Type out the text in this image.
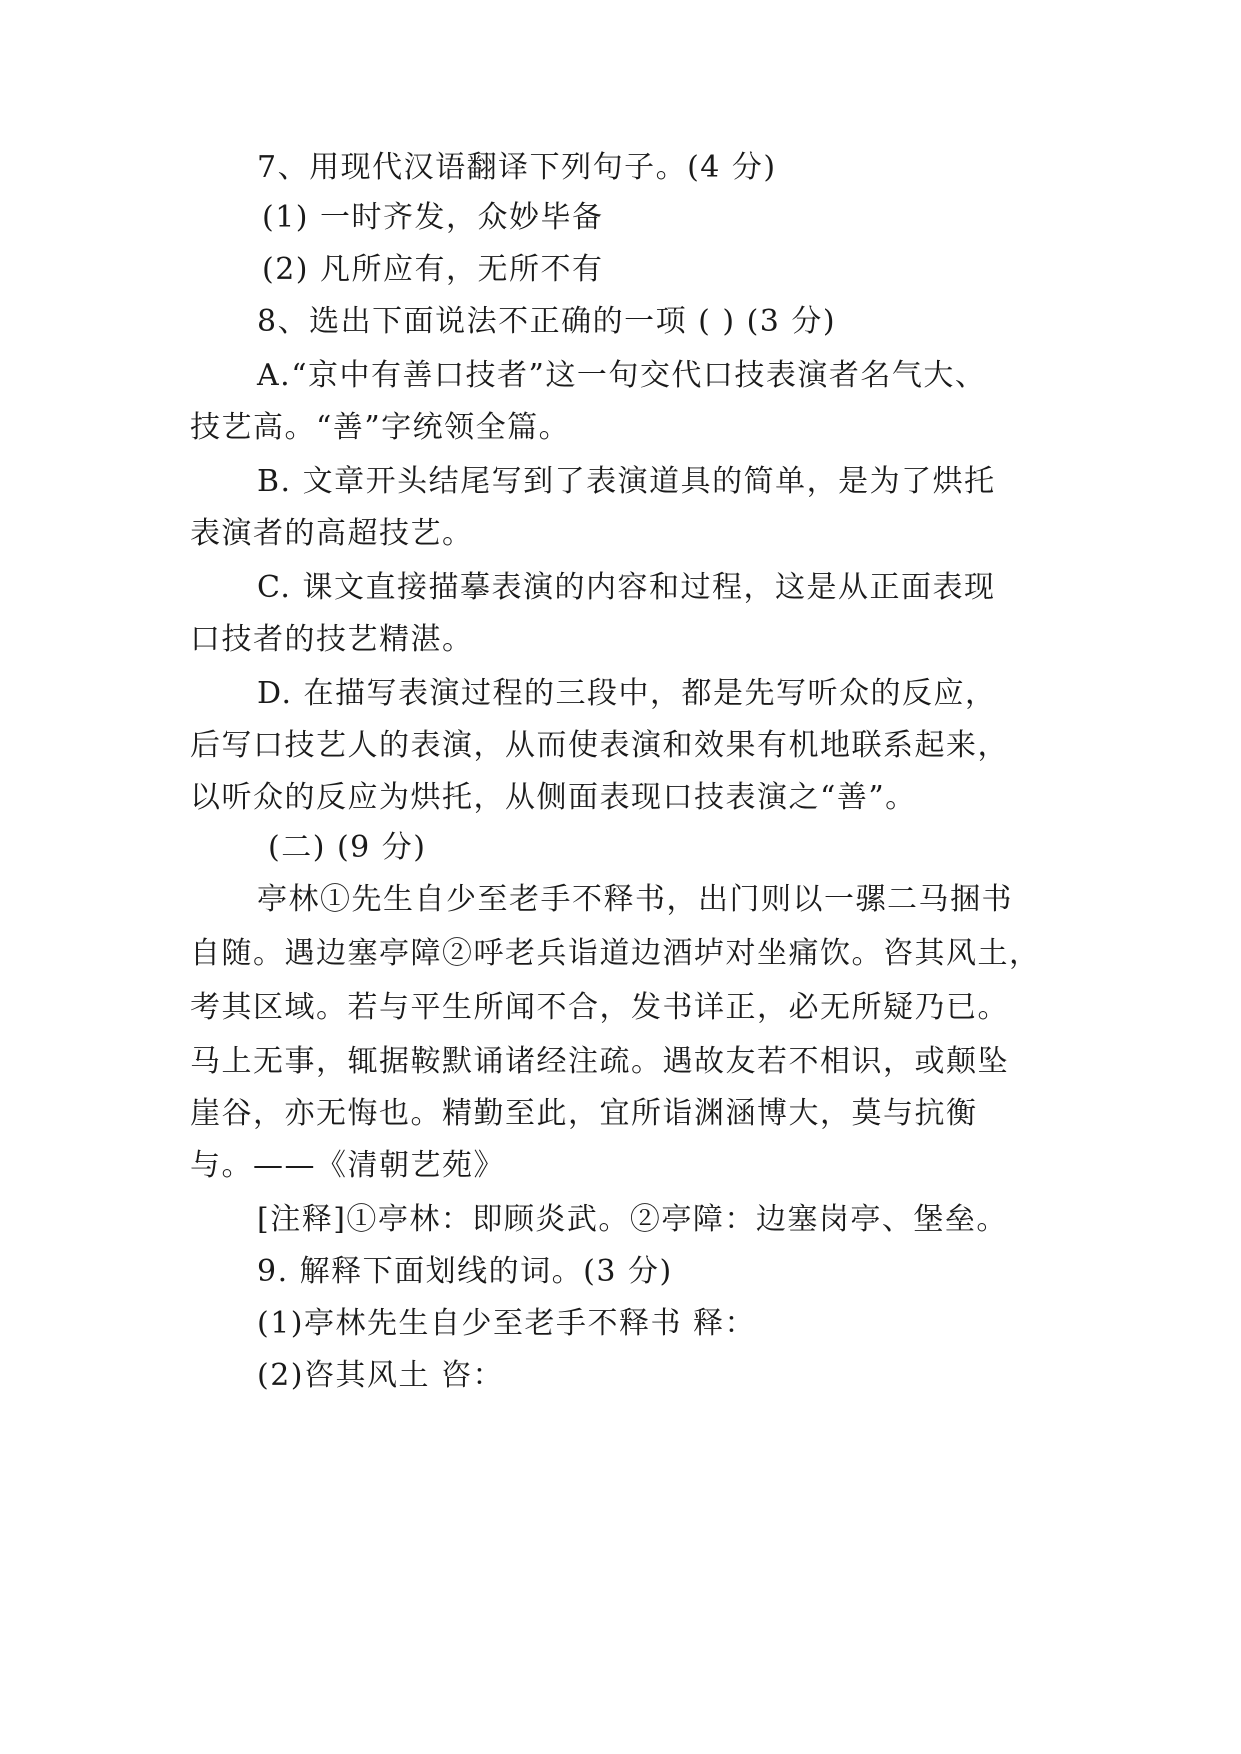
7、用现代汉语翻译下列句子。(4 分)
(1) 一时齐发，众妙毕备
(2) 凡所应有，无所不有
8、选出下面说法不正确的一项 ( ) (3 分)
A.“京中有善口技者”这一句交代口技表演者名气大、
技艺高。“善”字统领全篇。
B. 文章开头结尾写到了表演道具的简单，是为了烘托
表演者的高超技艺。
C. 课文直接描摹表演的内容和过程，这是从正面表现
口技者的技艺精湛。
D. 在描写表演过程的三段中，都是先写听众的反应，
后写口技艺人的表演，从而使表演和效果有机地联系起来，
以听众的反应为烘托，从侧面表现口技表演之“善”。
(二) (9 分)
亭林①先生自少至老手不释书，出门则以一骡二马捆书
自随。遇边塞亭障②呼老兵诣道边酒垆对坐痛饮。咨其风土，
考其区域。若与平生所闻不合，发书详正，必无所疑乃已。
马上无事，辄据鞍默诵诸经注疏。遇故友若不相识，或颠坠
崖谷，亦无悔也。精勤至此，宜所诣渊涵博大，莫与抗衡
与。——《清朝艺苑》
[注释]①亭林：即顾炎武。②亭障：边塞岗亭、堡垒。
9. 解释下面划线的词。(3 分)
(1)亭林先生自少至老手不释书 释：
(2)咨其风土 咨：
